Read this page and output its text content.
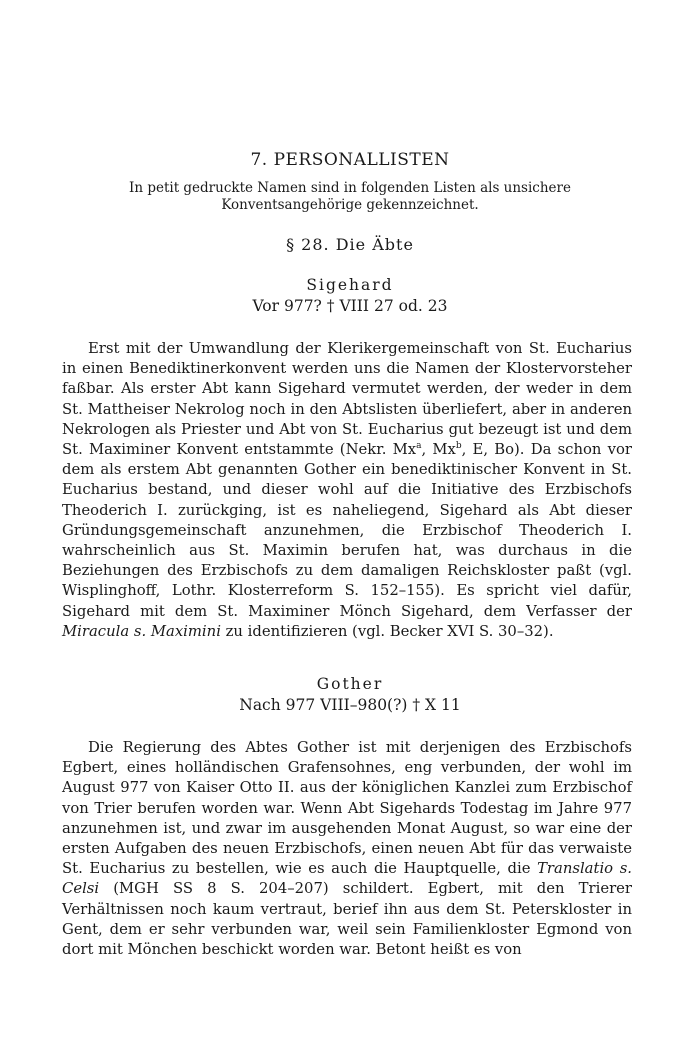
7. PERSONALLISTEN
In petit gedruckte Namen sind in folgenden Listen als unsichere
Konventsangehörige gekennzeichnet.
§ 28. Die Äbte
Sigehard
Vor 977? † VIII 27 od. 23

Erst mit der Umwandlung der Klerikergemeinschaft von St. Eucharius in einen Benediktinerkonvent werden uns die Namen der Klostervorsteher faßbar. Als erster Abt kann Sigehard vermutet werden, der weder in dem St. Mattheiser Nekrolog noch in den Abtslisten überliefert, aber in anderen Nekrologen als Priester und Abt von St. Eucharius gut bezeugt ist und dem St. Maximiner Konvent entstammte (Nekr. Mx$^a$, Mx$^b$, E, Bo). Da schon vor dem als erstem Abt genannten Gother ein benediktinischer Konvent in St. Eucharius bestand, und dieser wohl auf die Initiative des Erzbischofs Theoderich I. zurückging, ist es naheliegend, Sigehard als Abt dieser Gründungsgemeinschaft anzunehmen, die Erzbischof Theoderich I. wahrscheinlich aus St. Maximin berufen hat, was durchaus in die Beziehungen des Erzbischofs zu dem damaligen Reichskloster paßt (vgl. Wisplinghoff, Lothr. Klosterreform S. 152–155). Es spricht viel dafür, Sigehard mit dem St. Maximiner Mönch Sigehard, dem Verfasser der Miracula s. Maximini zu identifizieren (vgl. Becker XVI S. 30–32).

Gother
Nach 977 VIII–980(?) † X 11

Die Regierung des Abtes Gother ist mit derjenigen des Erzbischofs Egbert, eines holländischen Grafensohnes, eng verbunden, der wohl im August 977 von Kaiser Otto II. aus der königlichen Kanzlei zum Erzbischof von Trier berufen worden war. Wenn Abt Sigehards Todestag im Jahre 977 anzunehmen ist, und zwar im ausgehenden Monat August, so war eine der ersten Aufgaben des neuen Erzbischofs, einen neuen Abt für das verwaiste St. Eucharius zu bestellen, wie es auch die Hauptquelle, die Translatio s. Celsi (MGH SS 8 S. 204–207) schildert. Egbert, mit den Trierer Verhältnissen noch kaum vertraut, berief ihn aus dem St. Peterskloster in Gent, dem er sehr verbunden war, weil sein Familienkloster Egmond von dort mit Mönchen beschickt worden war. Betont heißt es von
